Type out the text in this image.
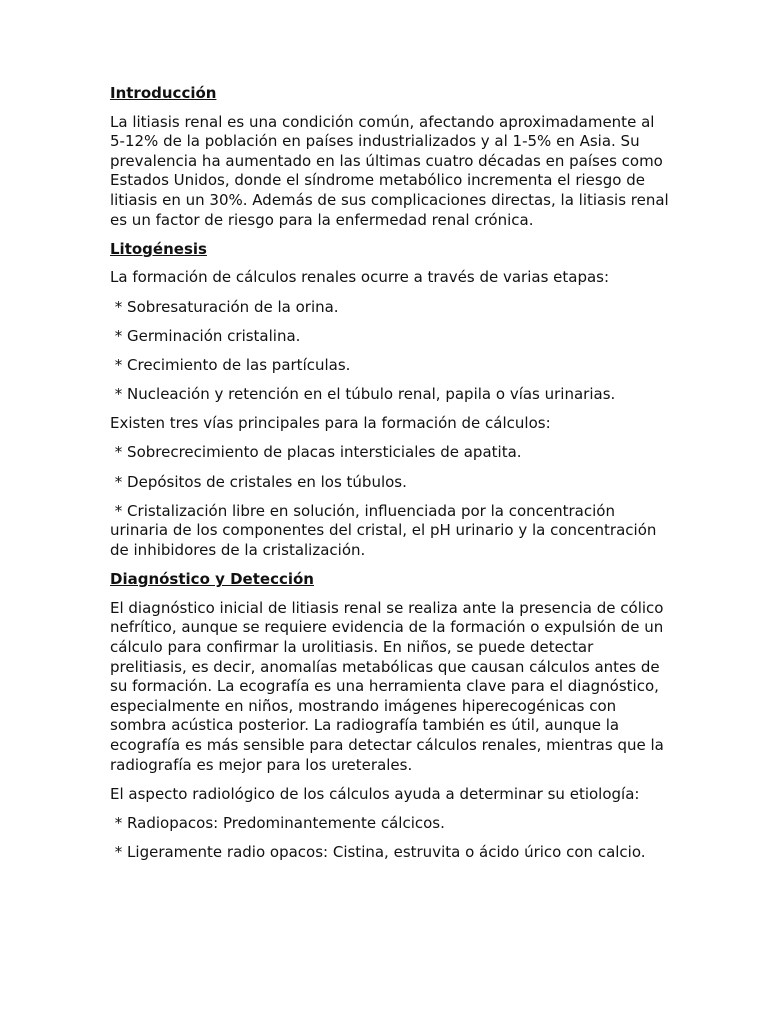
Introducción
La litiasis renal es una condición común, afectando aproximadamente al 5-12% de la población en países industrializados y al 1-5% en Asia. Su prevalencia ha aumentado en las últimas cuatro décadas en países como Estados Unidos, donde el síndrome metabólico incrementa el riesgo de litiasis en un 30%. Además de sus complicaciones directas, la litiasis renal es un factor de riesgo para la enfermedad renal crónica.
Litogénesis
La formación de cálculos renales ocurre a través de varias etapas:
* Sobresaturación de la orina.
* Germinación cristalina.
* Crecimiento de las partículas.
* Nucleación y retención en el túbulo renal, papila o vías urinarias.
Existen tres vías principales para la formación de cálculos:
* Sobrecrecimiento de placas intersticiales de apatita.
* Depósitos de cristales en los túbulos.
* Cristalización libre en solución, influenciada por la concentración urinaria de los componentes del cristal, el pH urinario y la concentración de inhibidores de la cristalización.
Diagnóstico y Detección
El diagnóstico inicial de litiasis renal se realiza ante la presencia de cólico nefrítico, aunque se requiere evidencia de la formación o expulsión de un cálculo para confirmar la urolitiasis. En niños, se puede detectar prelitiasis, es decir, anomalías metabólicas que causan cálculos antes de su formación. La ecografía es una herramienta clave para el diagnóstico, especialmente en niños, mostrando imágenes hiperecogénicas con sombra acústica posterior. La radiografía también es útil, aunque la ecografía es más sensible para detectar cálculos renales, mientras que la radiografía es mejor para los ureterales.
El aspecto radiológico de los cálculos ayuda a determinar su etiología:
* Radiopacos: Predominantemente cálcicos.
* Ligeramente radio opacos: Cistina, estruvita o ácido úrico con calcio.
